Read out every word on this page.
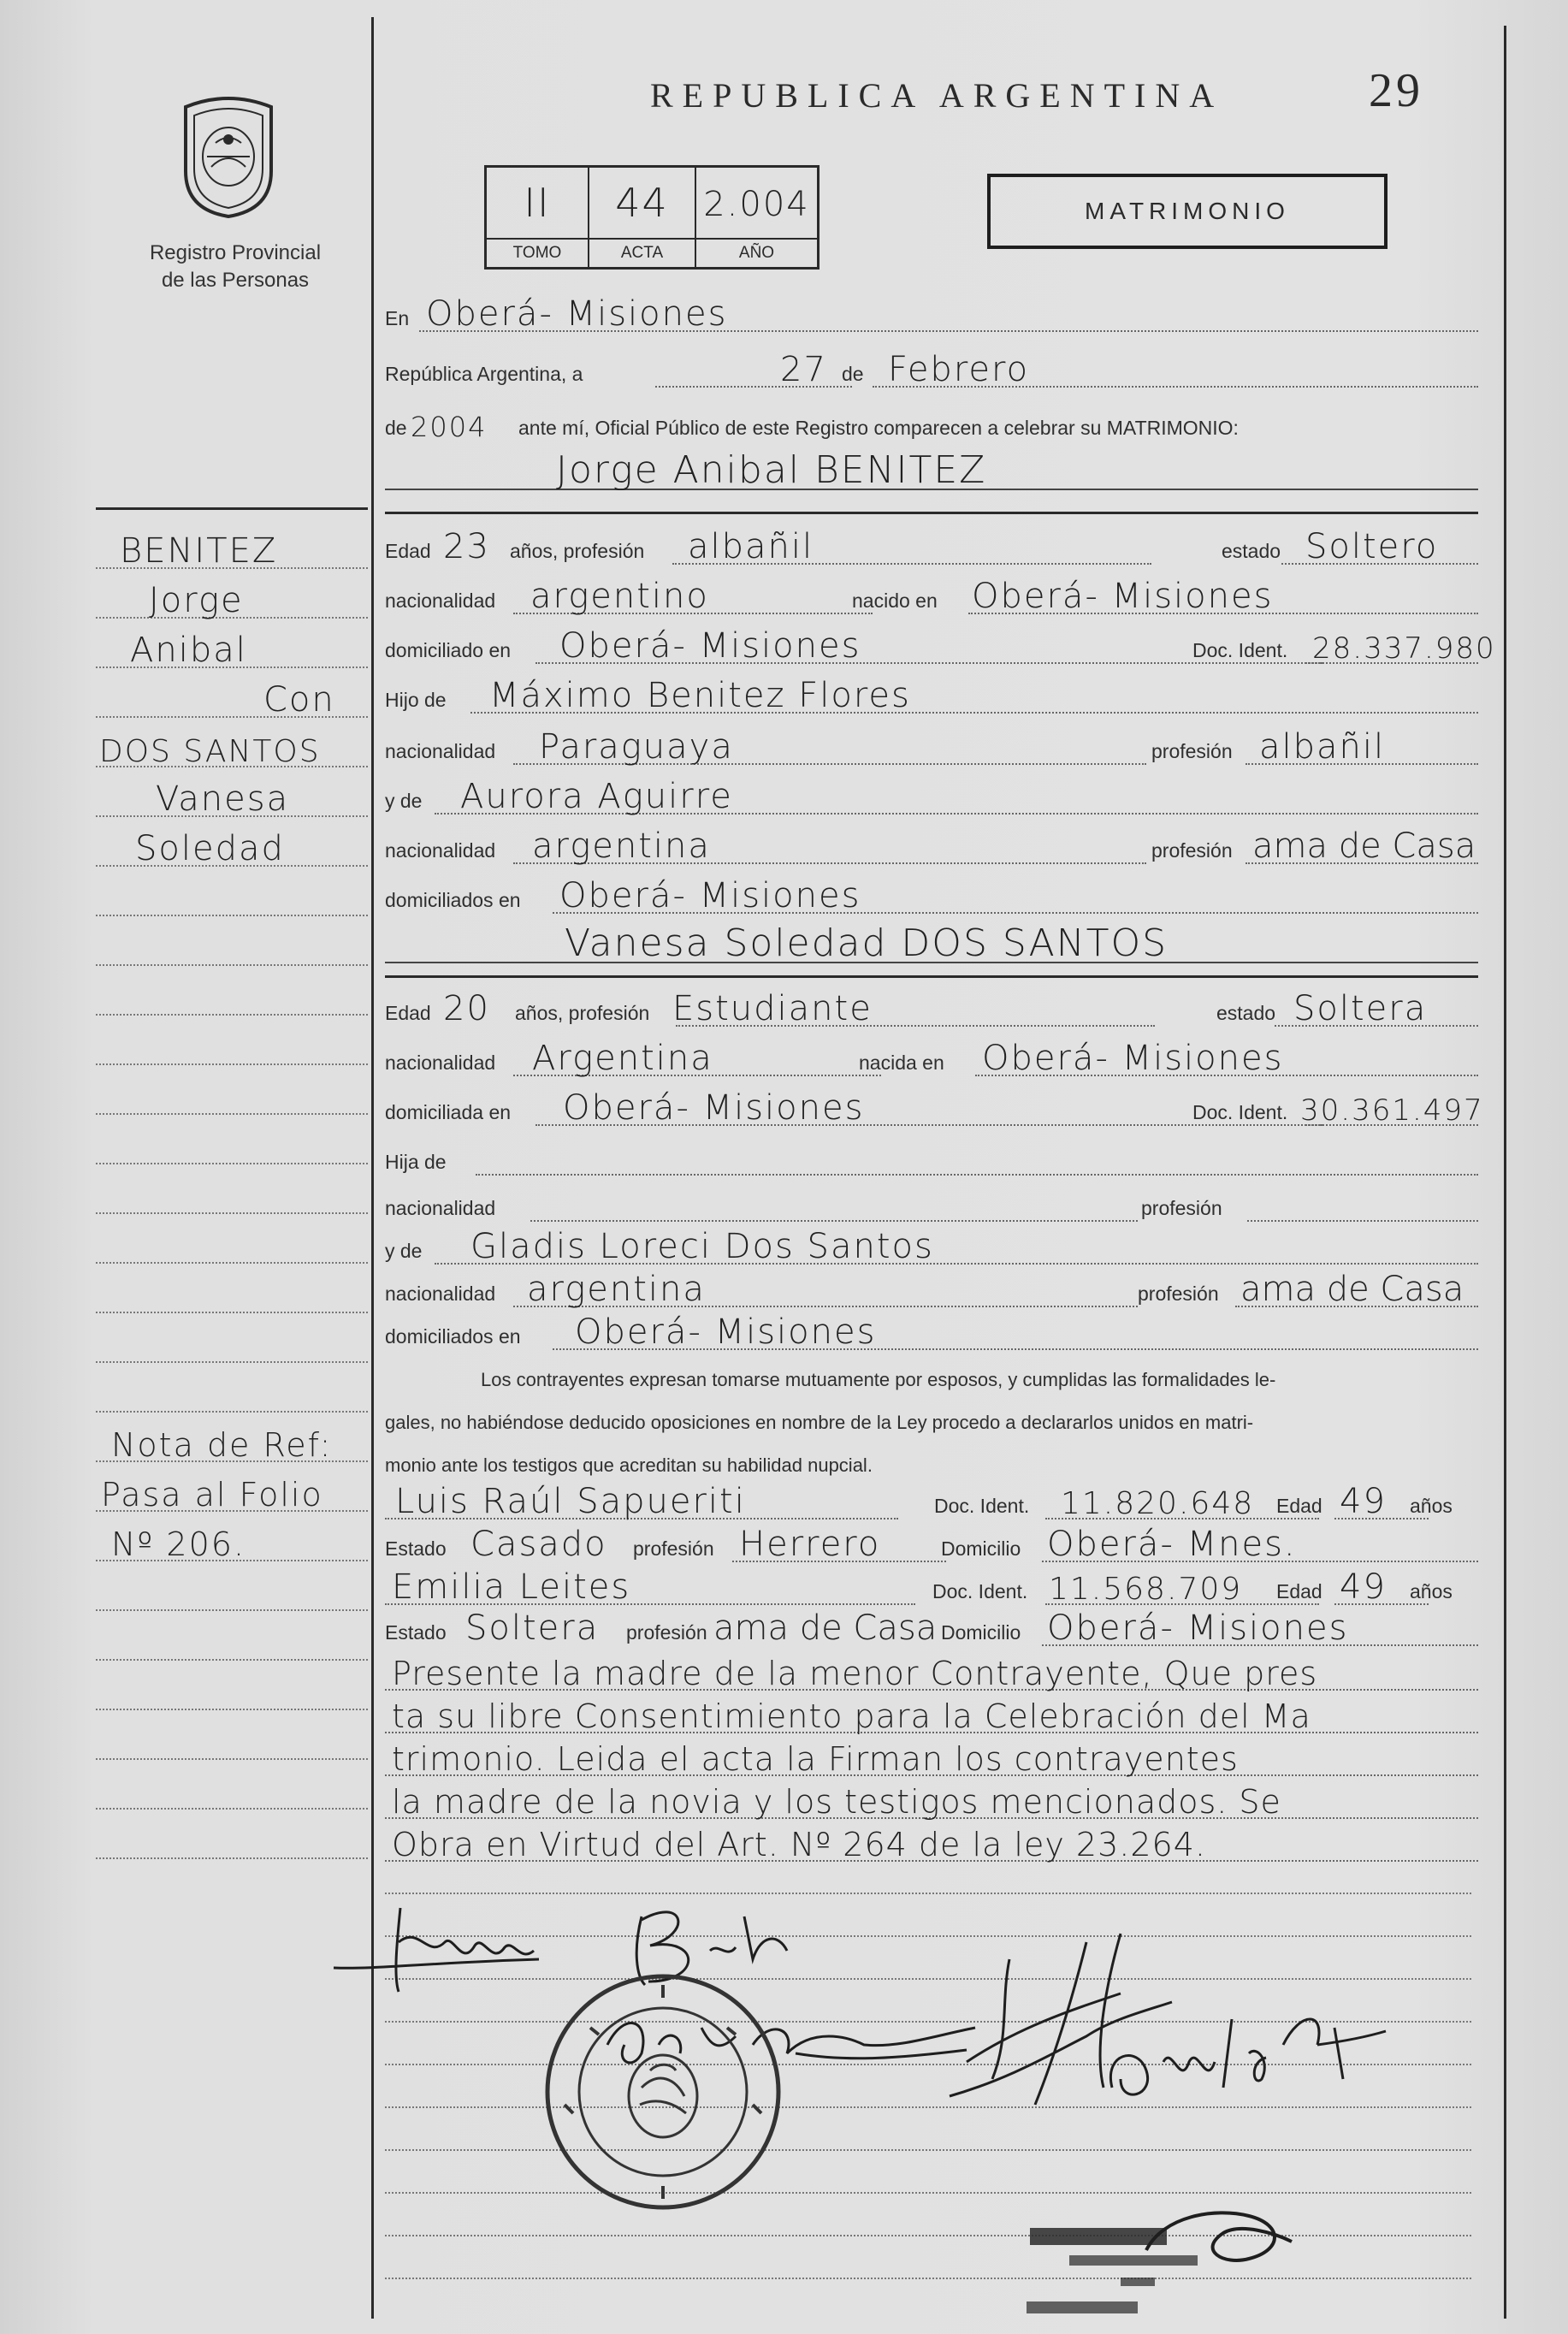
Registro Provincial
de las Personas
REPUBLICA ARGENTINA	29
II
TOMO
44
ACTA
2.004
AÑO
MATRIMONIO
BENITEZ
Jorge
Anibal
Con
DOS SANTOS
Vanesa
Soledad
Nota de Ref:
Pasa al Folio
Nº 206.
En Oberá- Misiones
República Argentina, a	27 de Febrero
de 2004 ante mí, Oficial Público de este Registro comparecen a celebrar su MATRIMONIO:
Jorge Anibal BENITEZ
Edad 23 años, profesión albañil	estado Soltero
nacionalidad argentino	nacido en Oberá- Misiones
domiciliado en Oberá- Misiones	Doc. Ident. 28.337.980
Hijo de Máximo Benitez Flores
nacionalidad Paraguaya	profesión albañil
y de Aurora Aguirre
nacionalidad argentina	profesión ama de Casa
domiciliados en Oberá- Misiones
Vanesa Soledad DOS SANTOS
Edad 20 años, profesión Estudiante	estado Soltera
nacionalidad Argentina	nacida en Oberá- Misiones
domiciliada en Oberá- Misiones	Doc. Ident. 30.361.497
Hija de
nacionalidad	profesión
y de Gladis Loreci Dos Santos
nacionalidad argentina	profesión ama de Casa
domiciliados en Oberá- Misiones
Los contrayentes expresan tomarse mutuamente por esposos, y cumplidas las formalidades le-
gales, no habiéndose deducido oposiciones en nombre de la Ley procedo a declararlos unidos en matri-
monio ante los testigos que acreditan su habilidad nupcial.
Luis Raúl Sapueriti	Doc. Ident. 11.820.648 Edad 49 años
Estado Casado profesión Herrero	Domicilio Oberá- Mnes.
Emilia Leites	Doc. Ident. 11.568.709 Edad 49 años
Estado Soltera profesión ama de Casa Domicilio Oberá- Misiones
Presente la madre de la menor Contrayente, Que pres
ta su libre Consentimiento para la Celebración del Ma
trimonio. Leida el acta la Firman los contrayentes
la madre de la novia y los testigos mencionados. Se
Obra en Virtud del Art. Nº 264 de la ley 23.264.
